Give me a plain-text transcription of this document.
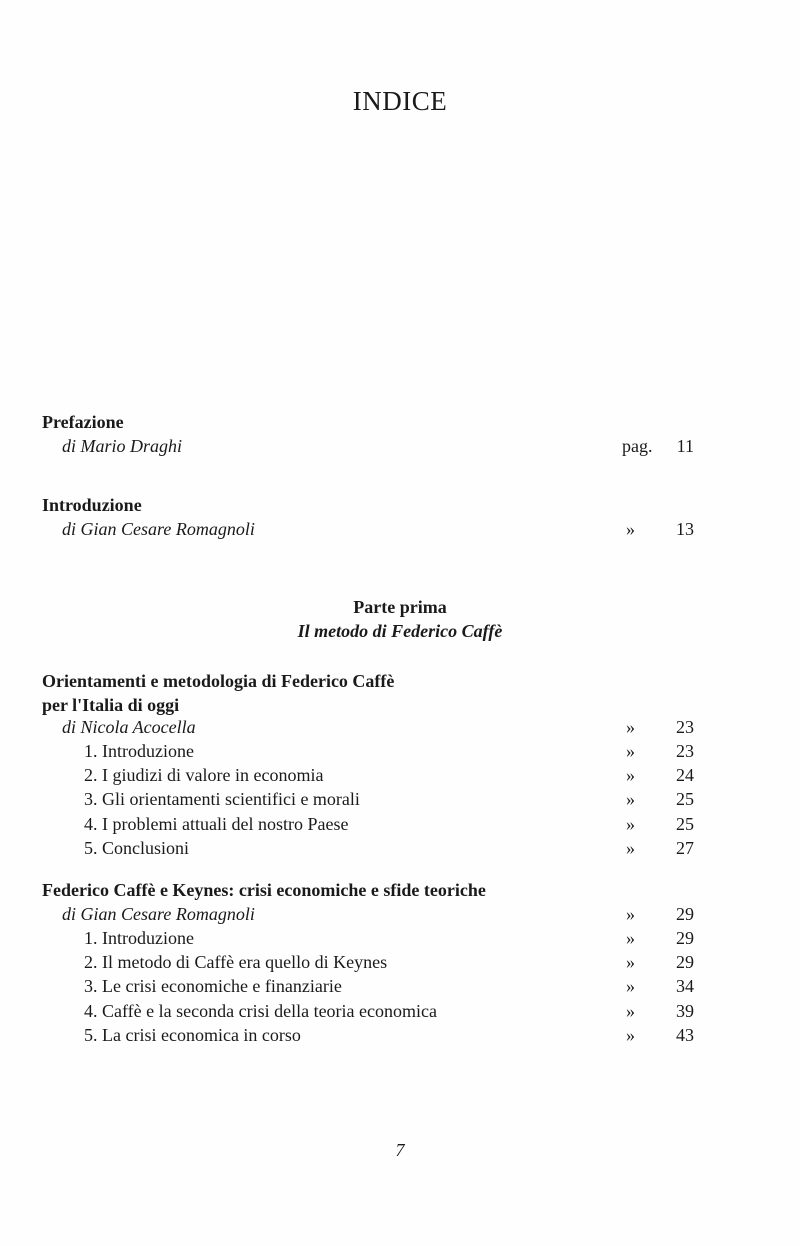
INDICE
Prefazione
di Mario Draghi	pag.	11
Introduzione
di Gian Cesare Romagnoli	»	13
Parte prima
Il metodo di Federico Caffè
Orientamenti e metodologia di Federico Caffè
per l'Italia di oggi
di Nicola Acocella	»	23
1. Introduzione	»	23
2. I giudizi di valore in economia	»	24
3. Gli orientamenti scientifici e morali	»	25
4. I problemi attuali del nostro Paese	»	25
5. Conclusioni	»	27
Federico Caffè e Keynes: crisi economiche e sfide teoriche
di Gian Cesare Romagnoli	»	29
1. Introduzione	»	29
2. Il metodo di Caffè era quello di Keynes	»	29
3. Le crisi economiche e finanziarie	»	34
4. Caffè e la seconda crisi della teoria economica	»	39
5. La crisi economica in corso	»	43
7
